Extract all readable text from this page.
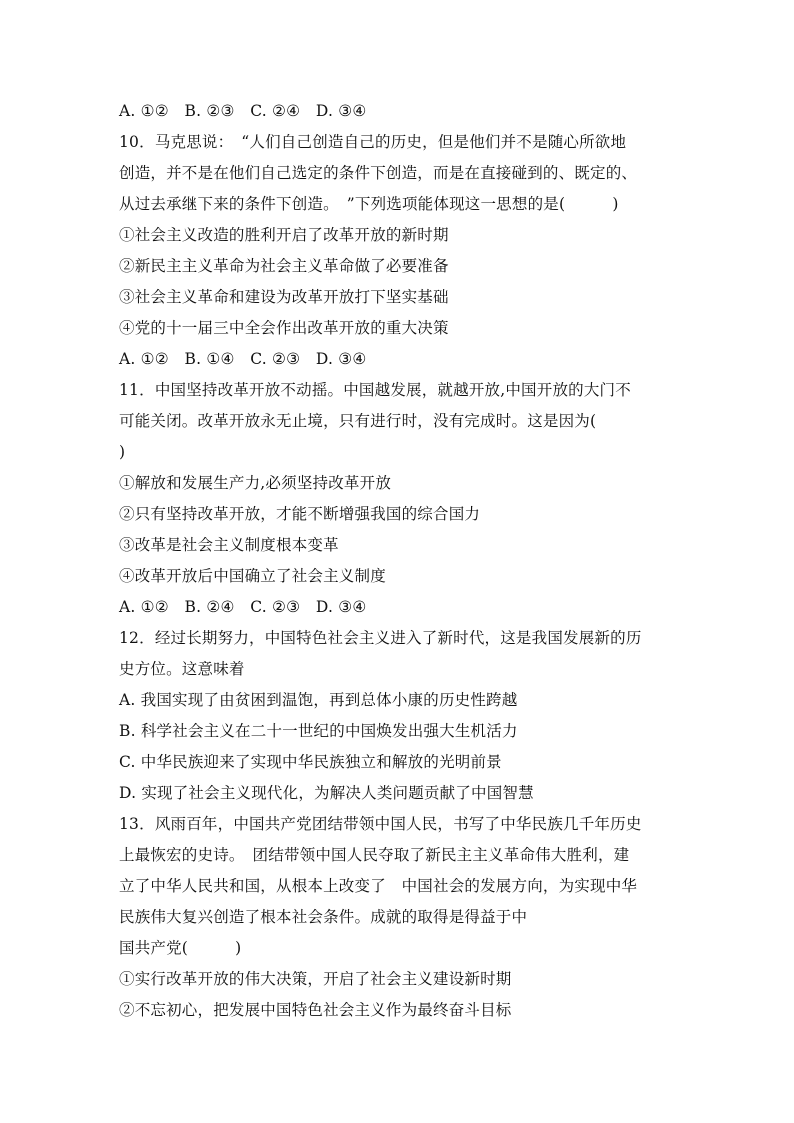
A. ①②　B. ②③　C. ②④　D. ③④
10．马克思说：　“人们自己创造自己的历史，但是他们并不是随心所欲地
创造，并不是在他们自己选定的条件下创造，而是在直接碰到的、既定的、
从过去承继下来的条件下创造。　”下列选项能体现这一思想的是(　　　)
①社会主义改造的胜利开启了改革开放的新时期
②新民主主义革命为社会主义革命做了必要准备
③社会主义革命和建设为改革开放打下坚实基础
④党的十一届三中全会作出改革开放的重大决策
A. ①②　B. ①④　C. ②③　D. ③④
11．中国坚持改革开放不动摇。中国越发展，就越开放,中国开放的大门不
可能关闭。改革开放永无止境，只有进行时，没有完成时。这是因为(
)
①解放和发展生产力,必须坚持改革开放
②只有坚持改革开放，才能不断增强我国的综合国力
③改革是社会主义制度根本变革
④改革开放后中国确立了社会主义制度
A. ①②　B. ②④　C. ②③　D. ③④
12．经过长期努力，中国特色社会主义进入了新时代，这是我国发展新的历
史方位。这意味着
A. 我国实现了由贫困到温饱，再到总体小康的历史性跨越
B. 科学社会主义在二十一世纪的中国焕发出强大生机活力
C. 中华民族迎来了实现中华民族独立和解放的光明前景
D. 实现了社会主义现代化，为解决人类问题贡献了中国智慧
13．风雨百年，中国共产党团结带领中国人民，书写了中华民族几千年历史
上最恢宏的史诗。　团结带领中国人民夺取了新民主主义革命伟大胜利，建
立了中华人民共和国，从根本上改变了　中国社会的发展方向，为实现中华
民族伟大复兴创造了根本社会条件。成就的取得是得益于中
国共产党(　　　)
①实行改革开放的伟大决策，开启了社会主义建设新时期
②不忘初心，把发展中国特色社会主义作为最终奋斗目标
